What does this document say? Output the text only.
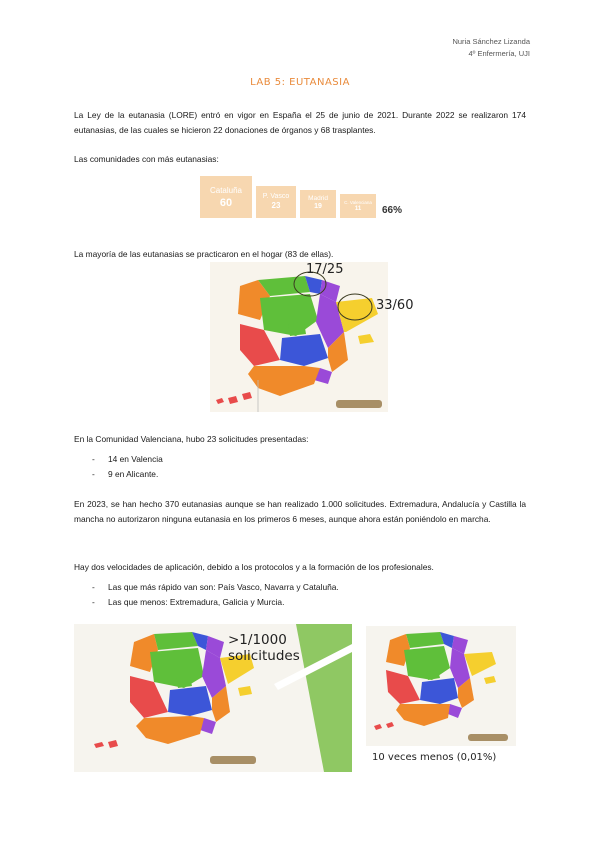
Nuria Sánchez Lizanda
4º Enfermería, UJI
LAB 5: EUTANASIA
La Ley de la eutanasia (LORE) entró en vigor en España el 25 de junio de 2021. Durante 2022 se realizaron 174 eutanasias, de las cuales se hicieron 22 donaciones de órganos y 68 trasplantes.
Las comunidades con más eutanasias:
Cataluña
60
P. Vasco
23
Madrid
19
C. Valenciana
11	66%
La mayoría de las eutanasias se practicaron en el hogar (83 de ellas).
17/25
33/60
En la Comunidad Valenciana, hubo 23 solicitudes presentadas:
- 14 en Valencia
- 9 en Alicante.
En 2023, se han hecho 370 eutanasias aunque se han realizado 1.000 solicitudes. Extremadura, Andalucía y Castilla la mancha no autorizaron ninguna eutanasia en los primeros 6 meses, aunque ahora están poniéndolo en marcha.
Hay dos velocidades de aplicación, debido a los protocolos y a la formación de los profesionales.
- Las que más rápido van son: País Vasco, Navarra y Cataluña.
- Las que menos: Extremadura, Galicia y Murcia.
>1/1000 solicitudes
10 veces menos (0,01%)
